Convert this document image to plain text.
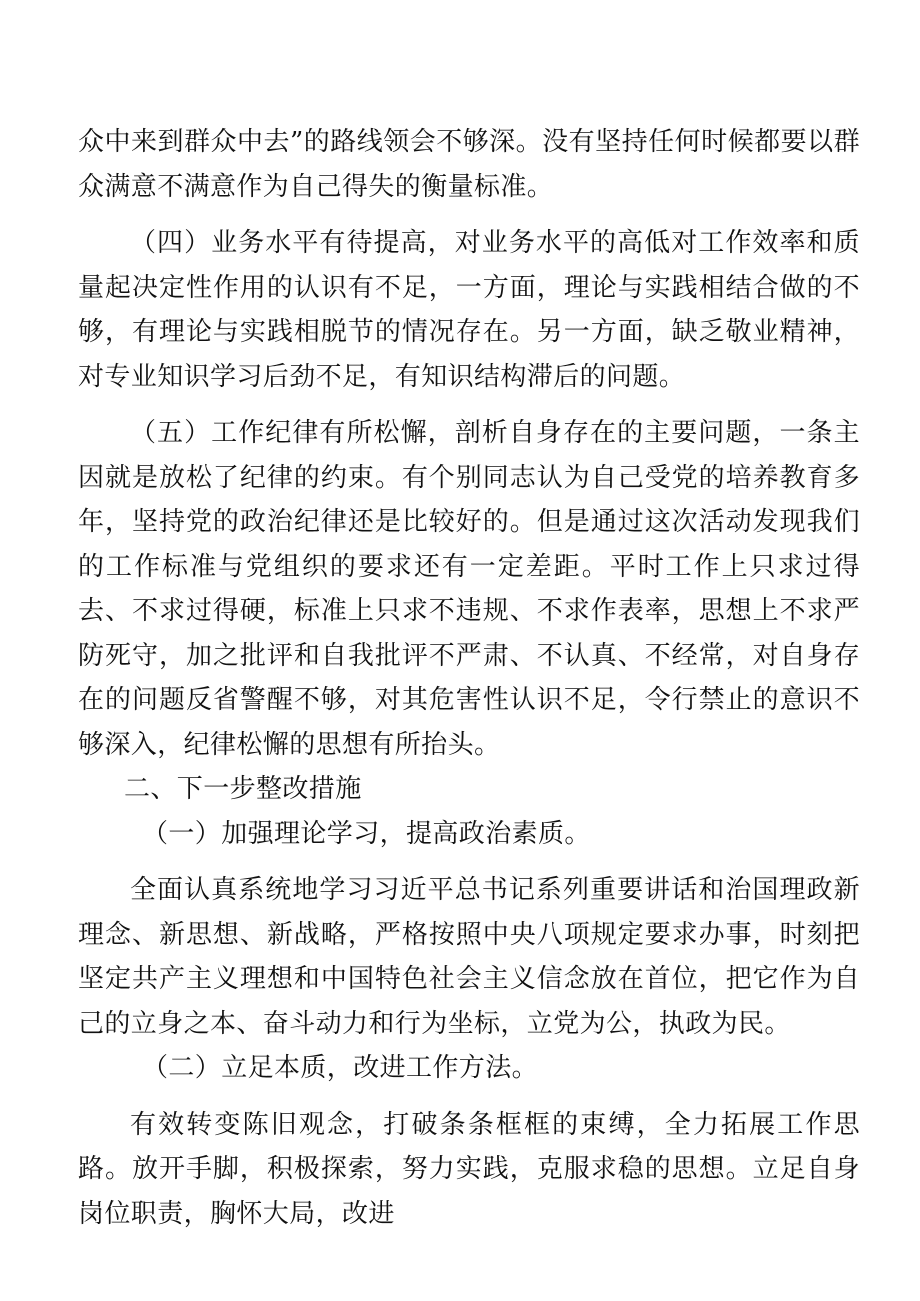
众中来到群众中去”的路线领会不够深。没有坚持任何时候都要以群众满意不满意作为自己得失的衡量标准。

（四）业务水平有待提高，对业务水平的高低对工作效率和质量起决定性作用的认识有不足，一方面，理论与实践相结合做的不够，有理论与实践相脱节的情况存在。另一方面，缺乏敬业精神，对专业知识学习后劲不足，有知识结构滞后的问题。

（五）工作纪律有所松懈，剖析自身存在的主要问题，一条主因就是放松了纪律的约束。有个别同志认为自己受党的培养教育多年，坚持党的政治纪律还是比较好的。但是通过这次活动发现我们的工作标准与党组织的要求还有一定差距。平时工作上只求过得去、不求过得硬，标准上只求不违规、不求作表率，思想上不求严防死守，加之批评和自我批评不严肃、不认真、不经常，对自身存在的问题反省警醒不够，对其危害性认识不足，令行禁止的意识不够深入，纪律松懈的思想有所抬头。

二、下一步整改措施

（一）加强理论学习，提高政治素质。

全面认真系统地学习习近平总书记系列重要讲话和治国理政新理念、新思想、新战略，严格按照中央八项规定要求办事，时刻把坚定共产主义理想和中国特色社会主义信念放在首位，把它作为自己的立身之本、奋斗动力和行为坐标，立党为公，执政为民。

（二）立足本质，改进工作方法。

有效转变陈旧观念，打破条条框框的束缚，全力拓展工作思路。放开手脚，积极探索，努力实践，克服求稳的思想。立足自身岗位职责，胸怀大局，改进
